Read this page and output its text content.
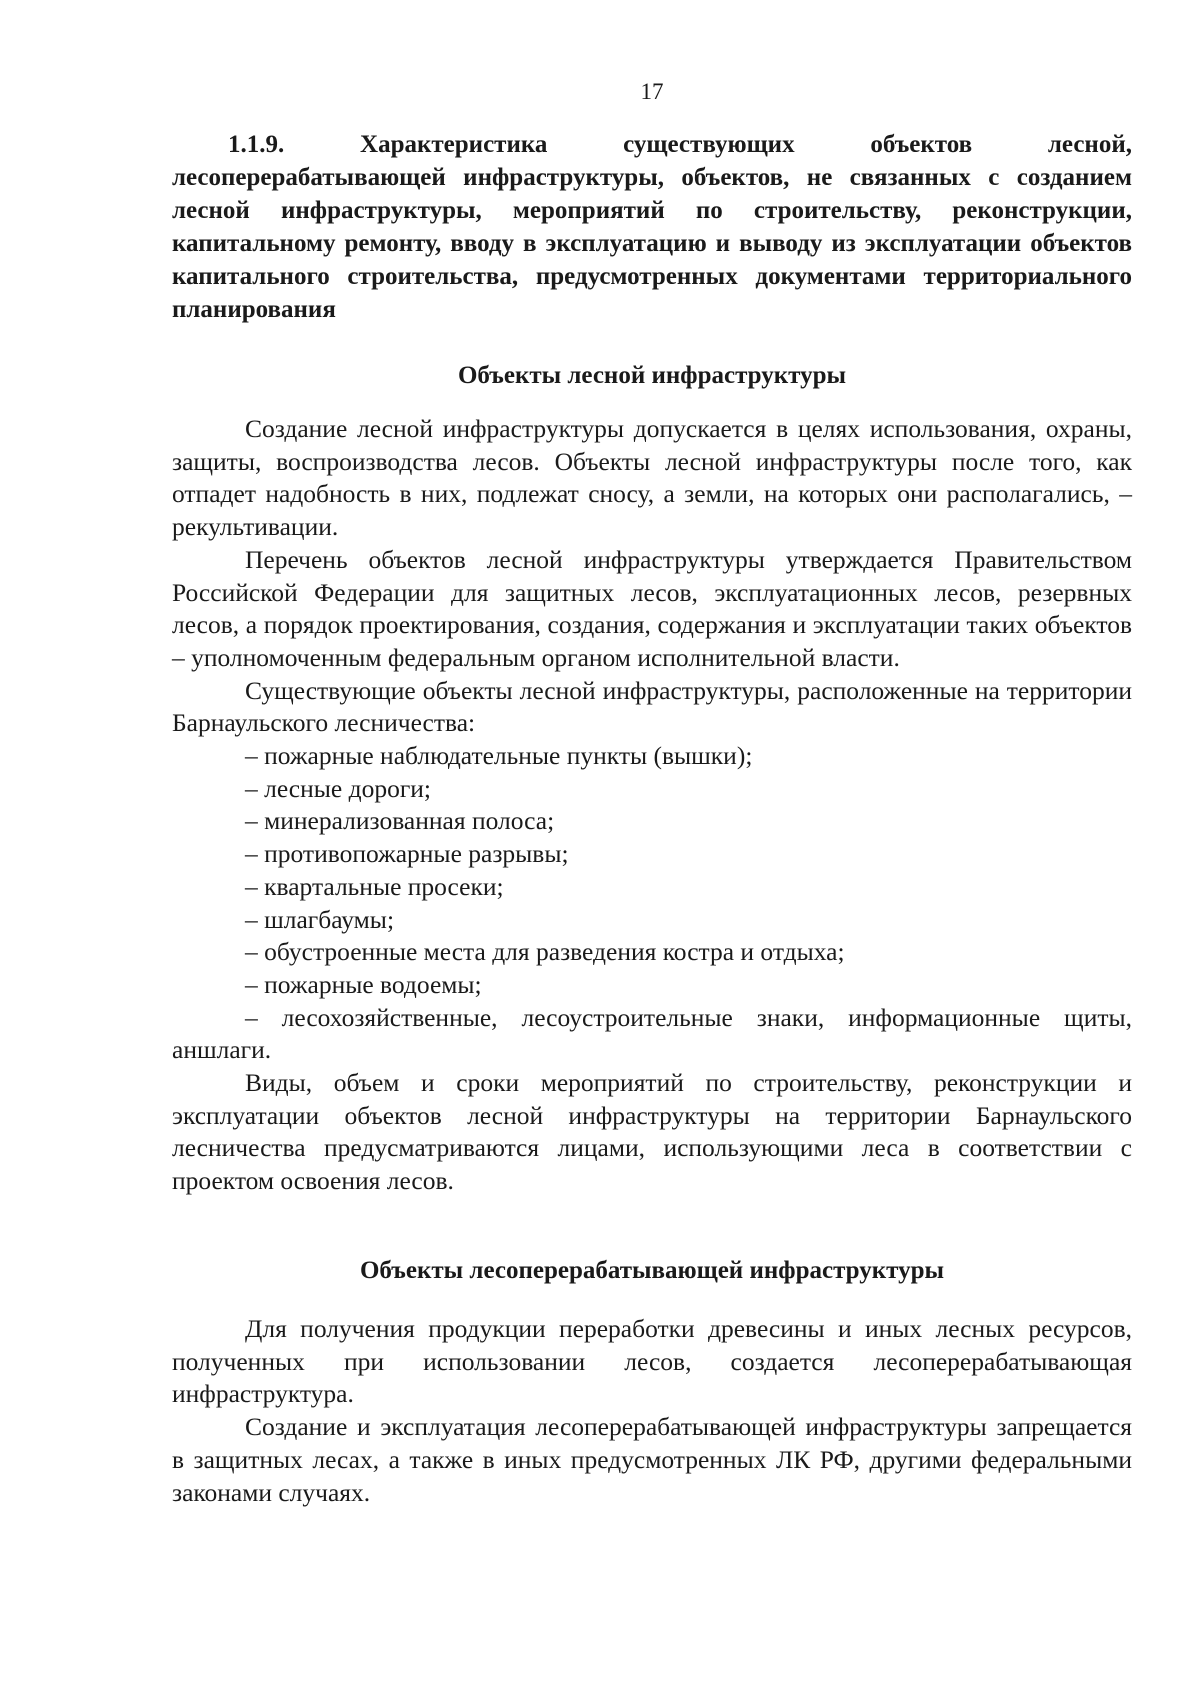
17
1.1.9.	Характеристика существующих объектов лесной, лесоперерабатывающей инфраструктуры, объектов, не связанных с созданием лесной инфраструктуры, мероприятий по строительству, реконструкции, капитальному ремонту, вводу в эксплуатацию и выводу из эксплуатации объектов капитального строительства, предусмотренных документами территориального планирования
Объекты лесной инфраструктуры

Создание лесной инфраструктуры допускается в целях использования, охраны, защиты, воспроизводства лесов. Объекты лесной инфраструктуры после того, как отпадет надобность в них, подлежат сносу, а земли, на которых они располагались, – рекультивации.

Перечень объектов лесной инфраструктуры утверждается Правительством Российской Федерации для защитных лесов, эксплуатационных лесов, резервных лесов, а порядок проектирования, создания, содержания и эксплуатации таких объектов – уполномоченным федеральным органом исполнительной власти.

Существующие объекты лесной инфраструктуры, расположенные на территории Барнаульского лесничества:

– пожарные наблюдательные пункты (вышки);

– лесные дороги;

– минерализованная полоса;

– противопожарные разрывы;

– квартальные просеки;

– шлагбаумы;

– обустроенные места для разведения костра и отдыха;

– пожарные водоемы;

– лесохозяйственные, лесоустроительные знаки, информационные щиты, аншлаги.

Виды, объем и сроки мероприятий по строительству, реконструкции и эксплуатации объектов лесной инфраструктуры на территории Барнаульского лесничества предусматриваются лицами, использующими леса в соответствии с проектом освоения лесов.

Объекты лесоперерабатывающей инфраструктуры

Для получения продукции переработки древесины и иных лесных ресурсов, полученных при использовании лесов, создается лесоперерабатывающая инфраструктура.

Создание и эксплуатация лесоперерабатывающей инфраструктуры запрещается в защитных лесах, а также в иных предусмотренных ЛК РФ, другими федеральными законами случаях.
